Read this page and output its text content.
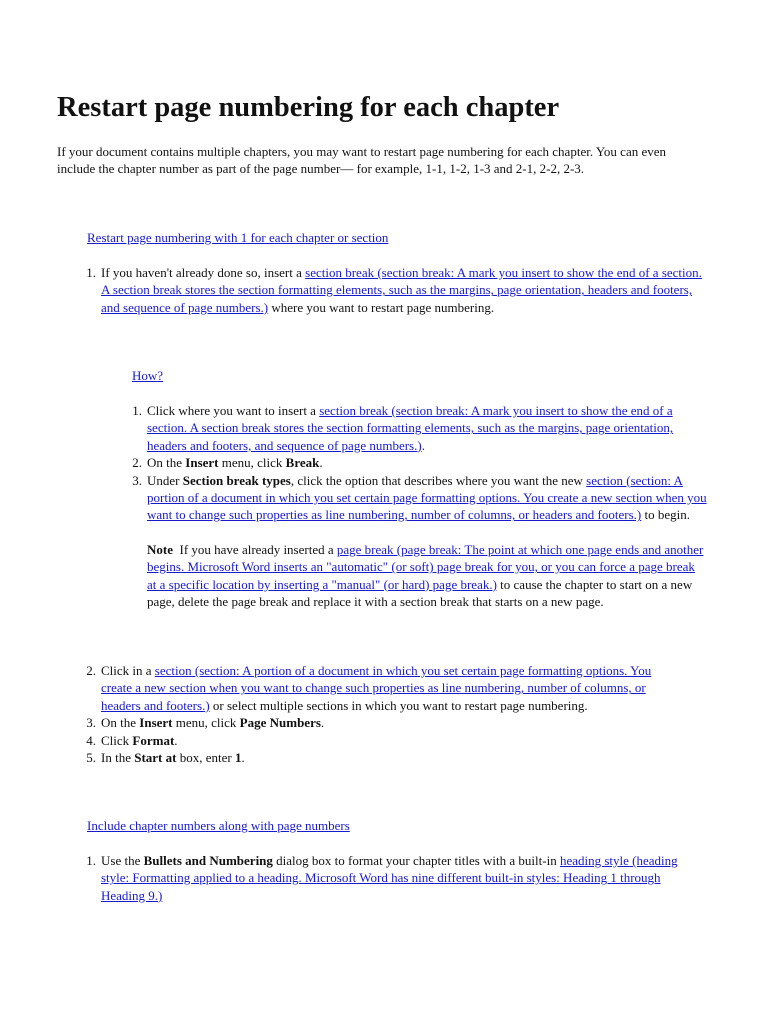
Restart page numbering for each chapter

If your document contains multiple chapters, you may want to restart page numbering for each chapter. You can even include the chapter number as part of the page number— for example, 1-1, 1-2, 1-3 and 2-1, 2-2, 2-3.

Restart page numbering with 1 for each chapter or section
1. If you haven't already done so, insert a section break (section break: A mark you insert to show the end of a section. A section break stores the section formatting elements, such as the margins, page orientation, headers and footers, and sequence of page numbers.) where you want to restart page numbering.
How?
1. Click where you want to insert a section break (section break: A mark you insert to show the end of a section. A section break stores the section formatting elements, such as the margins, page orientation, headers and footers, and sequence of page numbers.).
2. On the Insert menu, click Break.
3. Under Section break types, click the option that describes where you want the new section (section: A portion of a document in which you set certain page formatting options. You create a new section when you want to change such properties as line numbering, number of columns, or headers and footers.) to begin.
Note  If you have already inserted a page break (page break: The point at which one page ends and another begins. Microsoft Word inserts an "automatic" (or soft) page break for you, or you can force a page break at a specific location by inserting a "manual" (or hard) page break.) to cause the chapter to start on a new page, delete the page break and replace it with a section break that starts on a new page.
2. Click in a section (section: A portion of a document in which you set certain page formatting options. You create a new section when you want to change such properties as line numbering, number of columns, or headers and footers.) or select multiple sections in which you want to restart page numbering.
3. On the Insert menu, click Page Numbers.
4. Click Format.
5. In the Start at box, enter 1.
Include chapter numbers along with page numbers
1. Use the Bullets and Numbering dialog box to format your chapter titles with a built-in heading style (heading style: Formatting applied to a heading. Microsoft Word has nine different built-in styles: Heading 1 through Heading 9.)
